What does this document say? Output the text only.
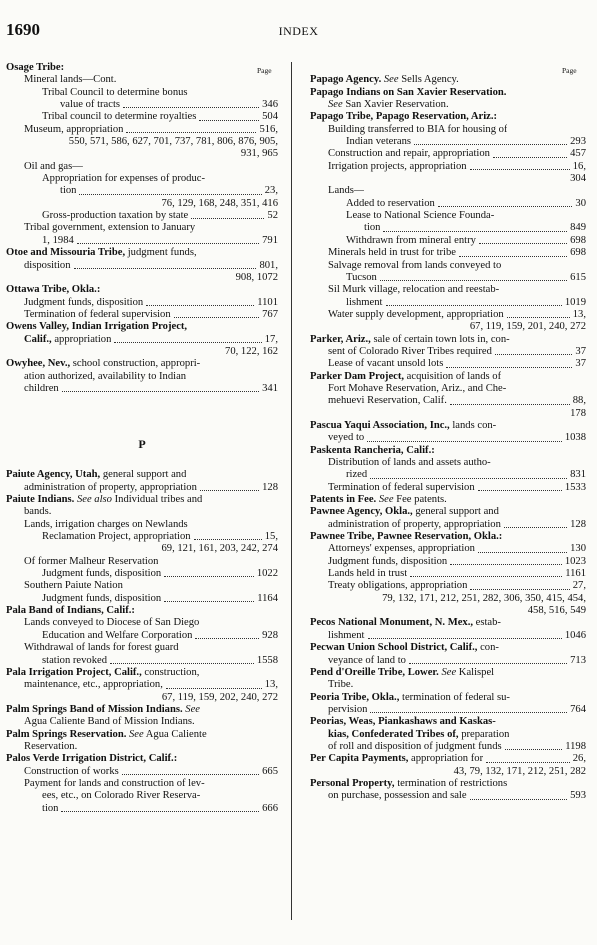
1690	INDEX
Page	Page
Osage Tribe:
Mineral lands—Cont.
Tribal Council to determine bonus
value of tracts	346
Tribal council to determine royalties	504
Museum, appropriation	516,
550, 571, 586, 627, 701, 737, 781, 806, 876, 905,
931, 965
Oil and gas—
Appropriation for expenses of produc-
tion	23,
76, 129, 168, 248, 351, 416
Gross-production taxation by state	52
Tribal government, extension to January
1, 1984	791
Otoe and Missouria Tribe, judgment funds,
disposition	801,
908, 1072
Ottawa Tribe, Okla.:
Judgment funds, disposition	1101
Termination of federal supervision	767
Owens Valley, Indian Irrigation Project,
Calif., appropriation	17,
70, 122, 162
Owyhee, Nev., school construction, appropri-
ation authorized, availability to Indian
children	341
P
Paiute Agency, Utah, general support and
administration of property, appropriation	128
Paiute Indians. See also Individual tribes and
bands.
Lands, irrigation charges on Newlands
Reclamation Project, appropriation	15,
69, 121, 161, 203, 242, 274
Of former Malheur Reservation
Judgment funds, disposition	1022
Southern Paiute Nation
Judgment funds, disposition	1164
Pala Band of Indians, Calif.:
Lands conveyed to Diocese of San Diego
Education and Welfare Corporation	928
Withdrawal of lands for forest guard
station revoked	1558
Pala Irrigation Project, Calif., construction,
maintenance, etc., appropriation,	13,
67, 119, 159, 202, 240, 272
Palm Springs Band of Mission Indians. See
Agua Caliente Band of Mission Indians.
Palm Springs Reservation. See Agua Caliente
Reservation.
Palos Verde Irrigation District, Calif.:
Construction of works	665
Payment for lands and construction of lev-
ees, etc., on Colorado River Reserva-
tion	666
Papago Agency. See Sells Agency.
Papago Indians on San Xavier Reservation.
See San Xavier Reservation.
Papago Tribe, Papago Reservation, Ariz.:
Building transferred to BIA for housing of
Indian veterans	293
Construction and repair, appropriation	457
Irrigation projects, appropriation	16,
304
Lands—
Added to reservation	30
Lease to National Science Founda-
tion	849
Withdrawn from mineral entry	698
Minerals held in trust for tribe	698
Salvage removal from lands conveyed to
Tucson	615
Sil Murk village, relocation and reestab-
lishment	1019
Water supply development, appropriation	13,
67, 119, 159, 201, 240, 272
Parker, Ariz., sale of certain town lots in, con-
sent of Colorado River Tribes required	37
Lease of vacant unsold lots	37
Parker Dam Project, acquisition of lands of
Fort Mohave Reservation, Ariz., and Che-
mehuevi Reservation, Calif.	88,
178
Pascua Yaqui Association, Inc., lands con-
veyed to	1038
Paskenta Rancheria, Calif.:
Distribution of lands and assets autho-
rized	831
Termination of federal supervision	1533
Patents in Fee. See Fee patents.
Pawnee Agency, Okla., general support and
administration of property, appropriation	128
Pawnee Tribe, Pawnee Reservation, Okla.:
Attorneys' expenses, appropriation	130
Judgment funds, disposition	1023
Lands held in trust	1161
Treaty obligations, appropriation	27,
79, 132, 171, 212, 251, 282, 306, 350, 415, 454,
458, 516, 549
Pecos National Monument, N. Mex., estab-
lishment	1046
Pecwan Union School District, Calif., con-
veyance of land to	713
Pend d'Oreille Tribe, Lower. See Kalispel
Tribe.
Peoria Tribe, Okla., termination of federal su-
pervision	764
Peorias, Weas, Piankashaws and Kaskas-
kias, Confederated Tribes of, preparation
of roll and disposition of judgment funds	1198
Per Capita Payments, appropriation for	26,
43, 79, 132, 171, 212, 251, 282
Personal Property, termination of restrictions
on purchase, possession and sale	593
